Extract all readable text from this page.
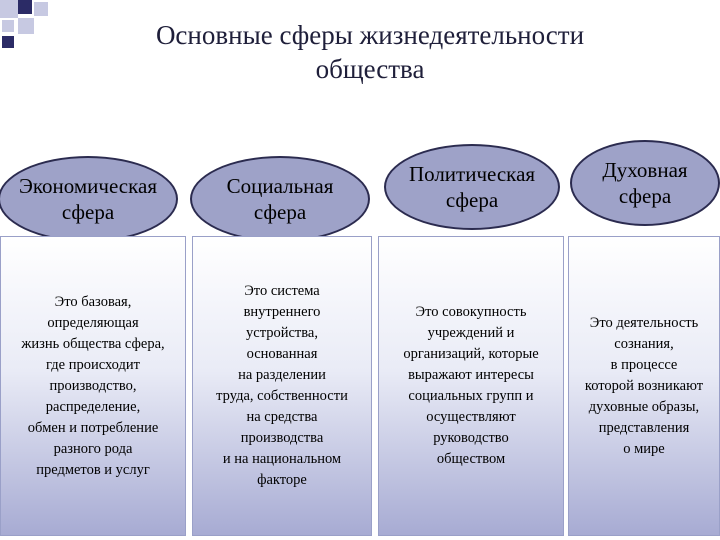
Основные сферы жизнедеятельности
общества
Экономическая
сфера
Социальная
сфера
Политическая
сфера
Духовная
сфера
Это базовая,
определяющая
жизнь общества сфера,
где происходит
производство,
распределение,
обмен и потребление
разного рода
предметов и услуг
Это система
внутреннего
устройства,
основанная
на разделении
труда, собственности
на средства
производства
и на национальном
факторе
Это совокупность
учреждений и
организаций, которые
выражают интересы
социальных групп и
осуществляют
руководство
обществом
Это деятельность
сознания,
в процессе
которой возникают
духовные образы,
представления
о мире
